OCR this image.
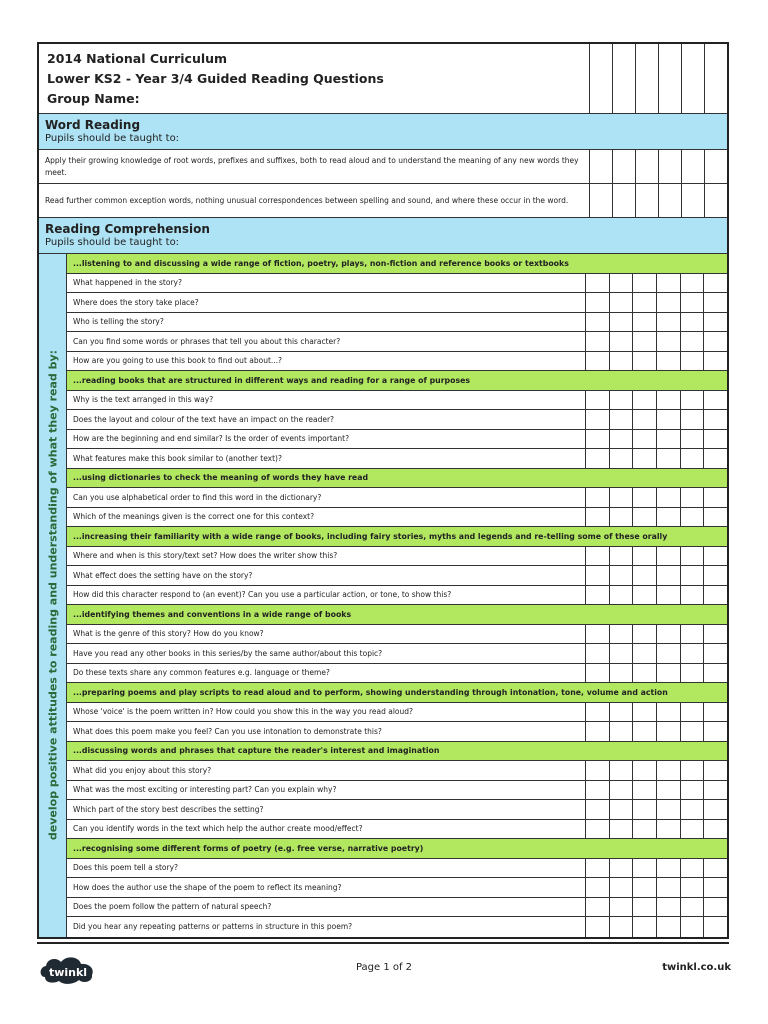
2014 National Curriculum
Lower KS2 - Year 3/4 Guided Reading Questions
Group Name:
Word Reading
Pupils should be taught to:
Apply their growing knowledge of root words, prefixes and suffixes, both to read aloud and to understand the meaning of any new words they meet.
Read further common exception words, nothing unusual correspondences between spelling and sound, and where these occur in the word.
Reading Comprehension
Pupils should be taught to:
develop positive attitudes to reading and understanding of what they read by:
...listening to and discussing a wide range of fiction, poetry, plays, non-fiction and reference books or textbooks
What happened in the story?
Where does the story take place?
Who is telling the story?
Can you find some words or phrases that tell you about this character?
How are you going to use this book to find out about...?
...reading books that are structured in different ways and reading for a range of purposes
Why is the text arranged in this way?
Does the layout and colour of the text have an impact on the reader?
How are the beginning and end similar? Is the order of events important?
What features make this book similar to (another text)?
...using dictionaries to check the meaning of words they have read
Can you use alphabetical order to find this word in the dictionary?
Which of the meanings given is the correct one for this context?
...increasing their familiarity with a wide range of books, including fairy stories, myths and legends and re-telling some of these orally
Where and when is this story/text set? How does the writer show this?
What effect does the setting have on the story?
How did this character respond to (an event)? Can you use a particular action, or tone, to show this?
...identifying themes and conventions in a wide range of books
What is the genre of this story? How do you know?
Have you read any other books in this series/by the same author/about this topic?
Do these texts share any common features e.g. language or theme?
...preparing poems and play scripts to read aloud and to perform, showing understanding through intonation, tone, volume and action
Whose 'voice' is the poem written in? How could you show this in the way you read aloud?
What does this poem make you feel? Can you use intonation to demonstrate this?
...discussing words and phrases that capture the reader's interest and imagination
What did you enjoy about this story?
What was the most exciting or interesting part? Can you explain why?
Which part of the story best describes the setting?
Can you identify words in the text which help the author create mood/effect?
...recognising some different forms of poetry (e.g. free verse, narrative poetry)
Does this poem tell a story?
How does the author use the shape of the poem to reflect its meaning?
Does the poem follow the pattern of natural speech?
Did you hear any repeating patterns or patterns in structure in this poem?
twinkl	Page 1 of 2	twinkl.co.uk
